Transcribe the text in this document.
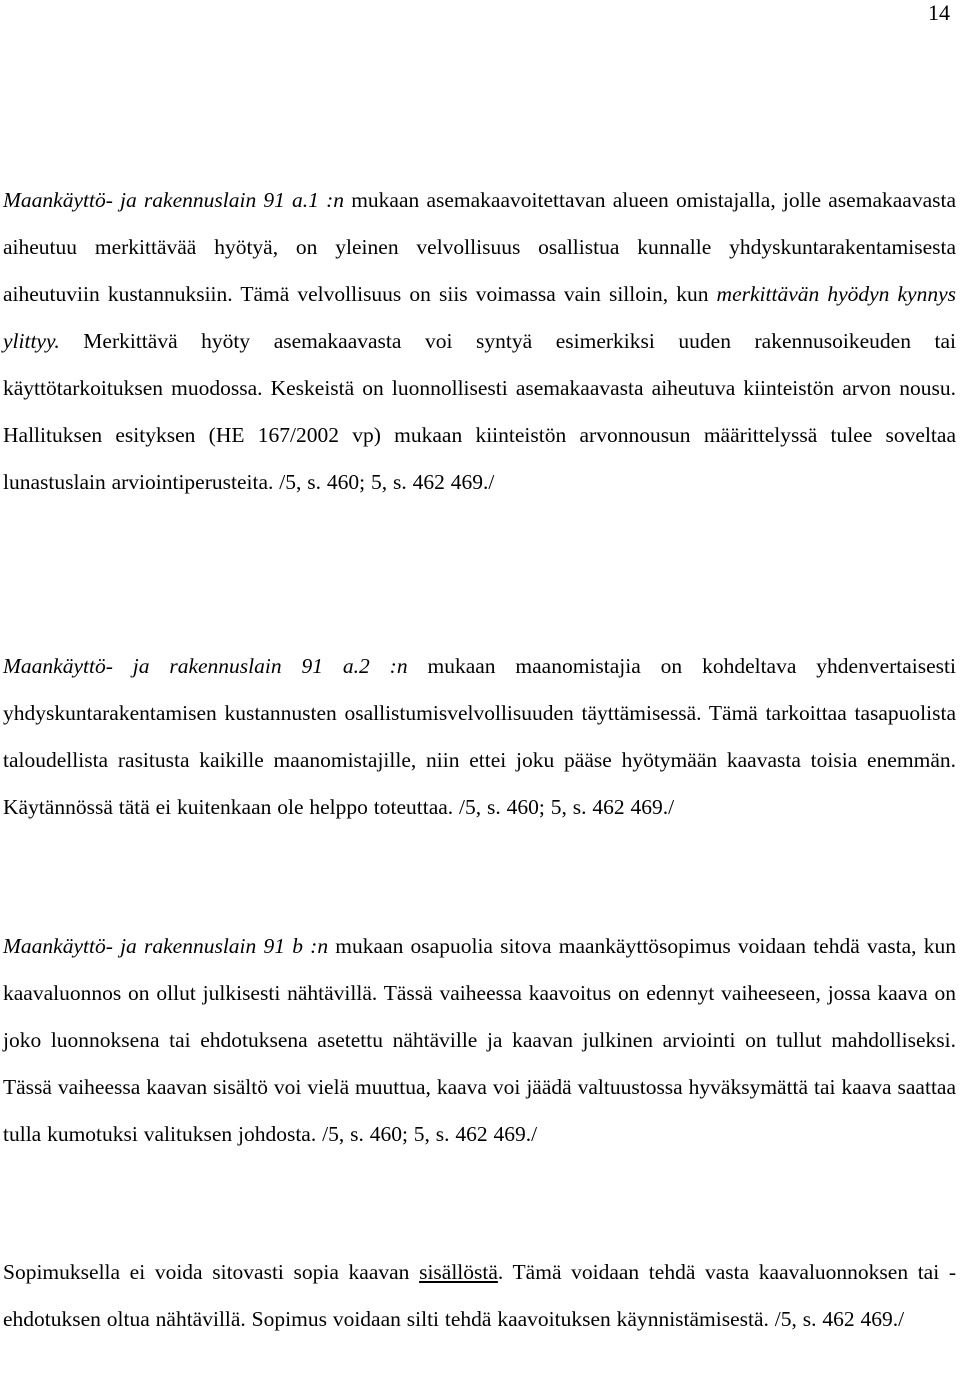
14

Maankäyttö- ja rakennuslain 91 a.1 :n mukaan asemakaavoitettavan alueen omistajalla, jolle asemakaavasta aiheutuu merkittävää hyötyä, on yleinen velvollisuus osallistua kunnalle yhdyskuntarakentamisesta aiheutuviin kustannuksiin. Tämä velvollisuus on siis voimassa vain silloin, kun merkittävän hyödyn kynnys ylittyy. Merkittävä hyöty asemakaavasta voi syntyä esimerkiksi uuden rakennusoikeuden tai käyttötarkoituksen muodossa. Keskeistä on luonnollisesti asemakaavasta aiheutuva kiinteistön arvon nousu. Hallituksen esityksen (HE 167/2002 vp) mukaan kiinteistön arvonnousun määrittelyssä tulee soveltaa lunastuslain arviointiperusteita. /5, s. 460; 5, s. 462 469./

Maankäyttö- ja rakennuslain 91 a.2 :n mukaan maanomistajia on kohdeltava yhdenvertaisesti yhdyskuntarakentamisen kustannusten osallistumisvelvollisuuden täyttämisessä. Tämä tarkoittaa tasapuolista taloudellista rasitusta kaikille maanomistajille, niin ettei joku pääse hyötymään kaavasta toisia enemmän. Käytännössä tätä ei kuitenkaan ole helppo toteuttaa. /5, s. 460; 5, s. 462 469./

Maankäyttö- ja rakennuslain 91 b :n mukaan osapuolia sitova maankäyttösopimus voidaan tehdä vasta, kun kaavaluonnos on ollut julkisesti nähtävillä. Tässä vaiheessa kaavoitus on edennyt vaiheeseen, jossa kaava on joko luonnoksena tai ehdotuksena asetettu nähtäville ja kaavan julkinen arviointi on tullut mahdolliseksi. Tässä vaiheessa kaavan sisältö voi vielä muuttua, kaava voi jäädä valtuustossa hyväksymättä tai kaava saattaa tulla kumotuksi valituksen johdosta. /5, s. 460; 5, s. 462 469./

Sopimuksella ei voida sitovasti sopia kaavan sisällöstä. Tämä voidaan tehdä vasta kaavaluonnoksen tai -ehdotuksen oltua nähtävillä. Sopimus voidaan silti tehdä kaavoituksen käynnistämisestä. /5, s. 462 469./
